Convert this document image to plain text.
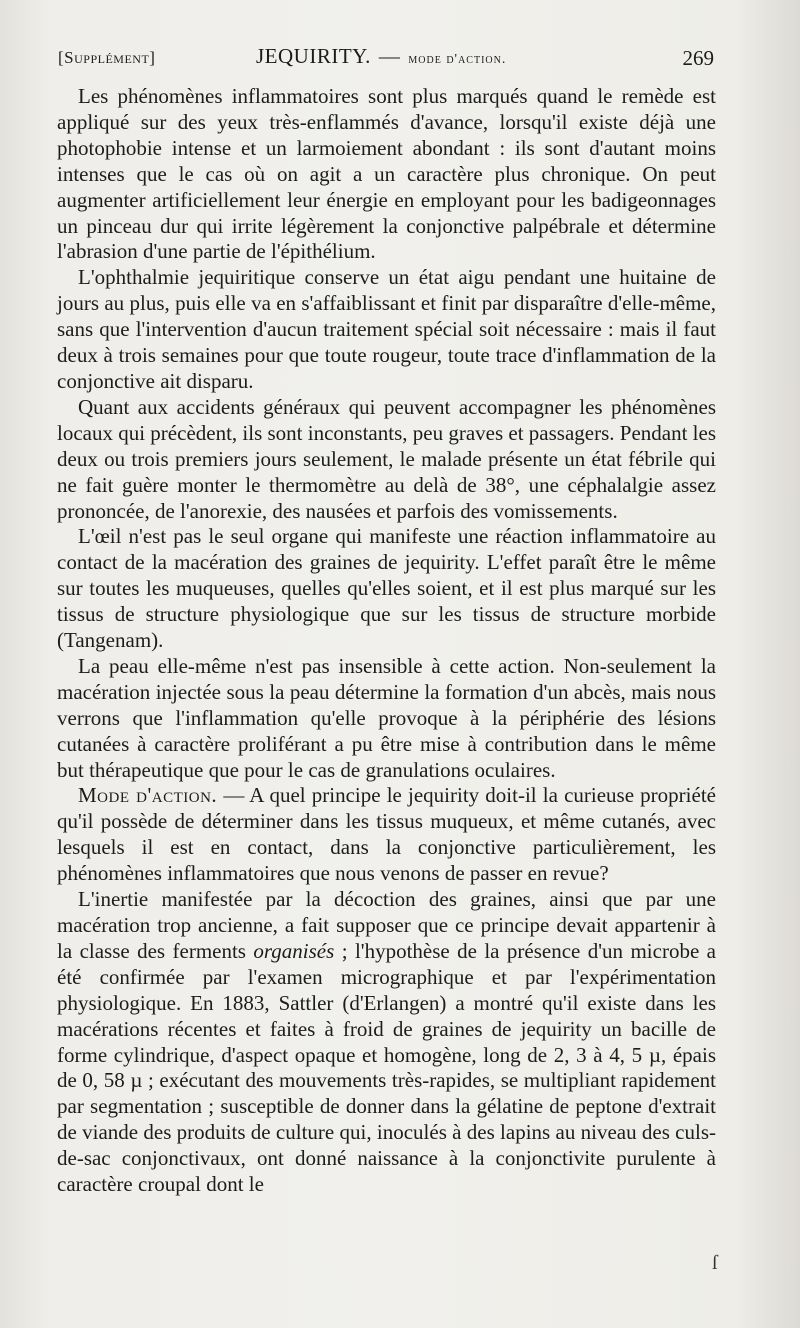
[Supplément]	JEQUIRITY. — mode d'action.	269

Les phénomènes inflammatoires sont plus marqués quand le remède est appliqué sur des yeux très-enflammés d'avance, lorsqu'il existe déjà une photophobie intense et un larmoiement abondant : ils sont d'autant moins intenses que le cas où on agit a un caractère plus chronique. On peut augmenter artificiellement leur énergie en employant pour les badigeonnages un pinceau dur qui irrite légèrement la conjonctive palpébrale et détermine l'abrasion d'une partie de l'épithélium.

L'ophthalmie jequiritique conserve un état aigu pendant une huitaine de jours au plus, puis elle va en s'affaiblissant et finit par disparaître d'elle-même, sans que l'intervention d'aucun traitement spécial soit nécessaire : mais il faut deux à trois semaines pour que toute rougeur, toute trace d'inflammation de la conjonctive ait disparu.

Quant aux accidents généraux qui peuvent accompagner les phénomènes locaux qui précèdent, ils sont inconstants, peu graves et passagers. Pendant les deux ou trois premiers jours seulement, le malade présente un état fébrile qui ne fait guère monter le thermomètre au delà de 38°, une céphalalgie assez prononcée, de l'anorexie, des nausées et parfois des vomissements.

L'œil n'est pas le seul organe qui manifeste une réaction inflammatoire au contact de la macération des graines de jequirity. L'effet paraît être le même sur toutes les muqueuses, quelles qu'elles soient, et il est plus marqué sur les tissus de structure physiologique que sur les tissus de structure morbide (Tangenam).

La peau elle-même n'est pas insensible à cette action. Non-seulement la macération injectée sous la peau détermine la formation d'un abcès, mais nous verrons que l'inflammation qu'elle provoque à la périphérie des lésions cutanées à caractère proliférant a pu être mise à contribution dans le même but thérapeutique que pour le cas de granulations oculaires.

Mode d'action. — A quel principe le jequirity doit-il la curieuse propriété qu'il possède de déterminer dans les tissus muqueux, et même cutanés, avec lesquels il est en contact, dans la conjonctive particulièrement, les phénomènes inflammatoires que nous venons de passer en revue?

L'inertie manifestée par la décoction des graines, ainsi que par une macération trop ancienne, a fait supposer que ce principe devait appartenir à la classe des ferments organisés ; l'hypothèse de la présence d'un microbe a été confirmée par l'examen micrographique et par l'expérimentation physiologique. En 1883, Sattler (d'Erlangen) a montré qu'il existe dans les macérations récentes et faites à froid de graines de jequirity un bacille de forme cylindrique, d'aspect opaque et homogène, long de 2, 3 à 4, 5 µ, épais de 0, 58 µ ; exécutant des mouvements très-rapides, se multipliant rapidement par segmentation ; susceptible de donner dans la gélatine de peptone d'extrait de viande des produits de culture qui, inoculés à des lapins au niveau des culs-de-sac conjonctivaux, ont donné naissance à la conjonctivite purulente à caractère croupal dont le

ſ
